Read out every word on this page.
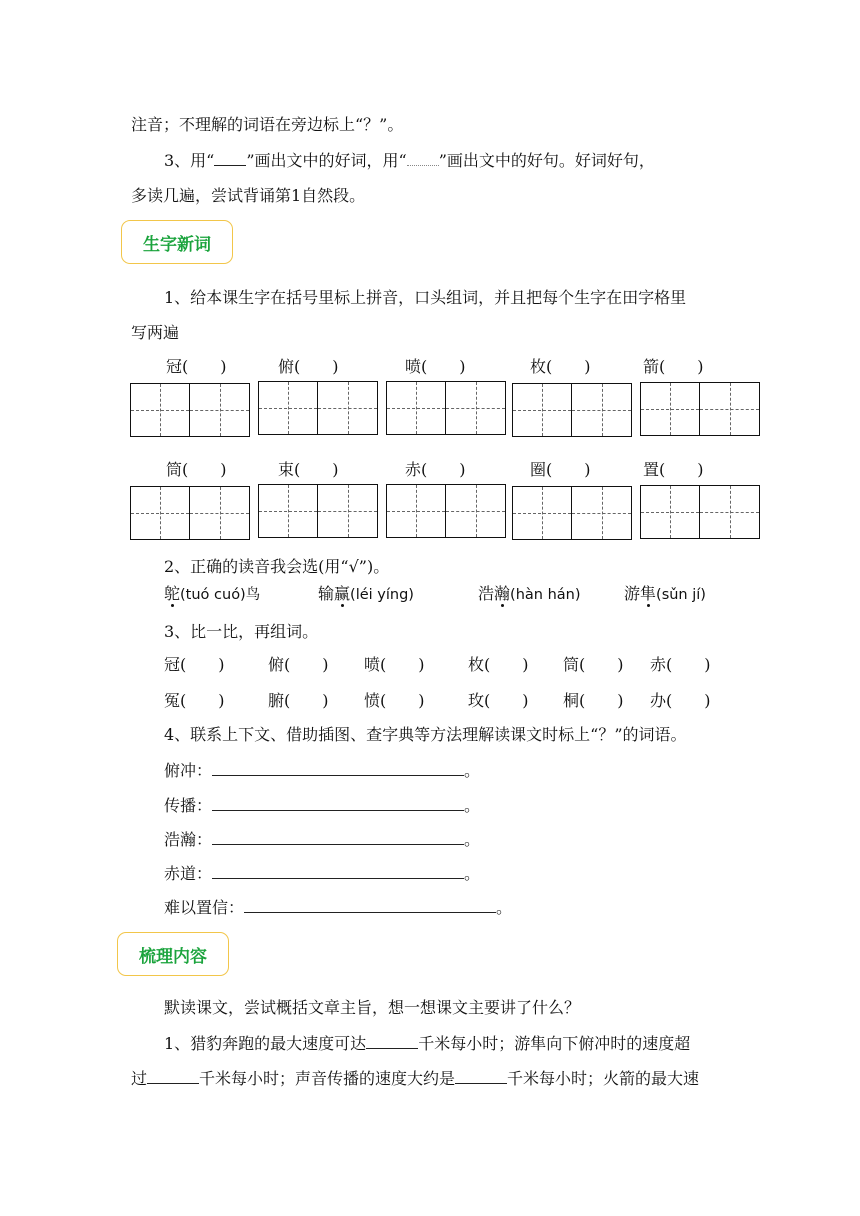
注音；不理解的词语在旁边标上“？”。
3、用“ ”画出文中的好词，用“ ”画出文中的好句。好词好句，
多读几遍，尝试背诵第1自然段。
生字新词
1、给本课生字在括号里标上拼音，口头组词，并且把每个生字在田字格里
写两遍
冠(　　)	俯(　　)	喷(　　)	枚(　　)	箭(　　)
筒(　　)	束(　　)	赤(　　)	圈(　　)	置(　　)
2、正确的读音我会选(用“√”)。
鸵(tuó cuó)鸟	输赢(léi yíng)	浩瀚(hàn hán)	游隼(sǔn jí)
3、比一比，再组词。
冠(　　)	俯(　　) 喷(　　)	枚(　　) 筒(　　) 赤(　　)
冤(　　)	腑(　　) 愤(　　)	玫(　　) 桐(　　) 办(　　)
4、联系上下文、借助插图、查字典等方法理解读课文时标上“？”的词语。
俯冲：	。
传播：	。
浩瀚：	。
赤道：	。
难以置信：	。
梳理内容
默读课文，尝试概括文章主旨，想一想课文主要讲了什么？
1、猎豹奔跑的最大速度可达	千米每小时；游隼向下俯冲时的速度超
过	千米每小时；声音传播的速度大约是	千米每小时；火箭的最大速
